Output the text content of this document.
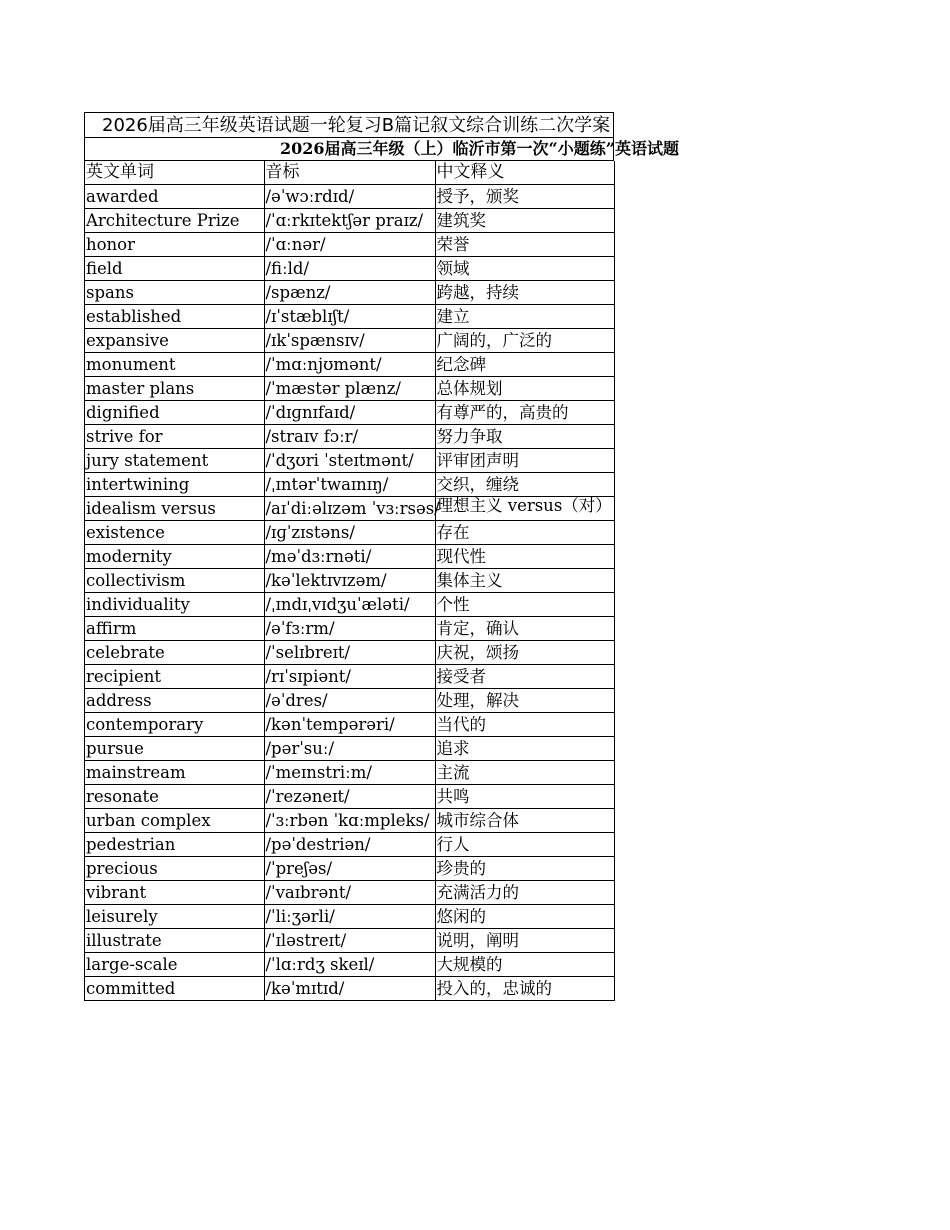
2026届高三年级英语试题一轮复习B篇记叙文综合训练二次学案
2026届高三年级（上）临沂市第一次“小题练”英语试题
英文单词	音标	中文释义
awarded	/əˈwɔːrdɪd/	授予，颁奖
Architecture Prize	/ˈɑːrkɪtektʃər praɪz/	建筑奖
honor	/ˈɑːnər/	荣誉
field	/fiːld/	领域
spans	/spænz/	跨越，持续
established	/ɪˈstæblɪʃt/	建立
expansive	/ɪkˈspænsɪv/	广阔的，广泛的
monument	/ˈmɑːnjʊmənt/	纪念碑
master plans	/ˈmæstər plænz/	总体规划
dignified	/ˈdɪɡnɪfaɪd/	有尊严的，高贵的
strive for	/straɪv fɔːr/	努力争取
jury statement	/ˈdʒʊri ˈsteɪtmənt/	评审团声明
intertwining	/ˌɪntərˈtwaɪnɪŋ/	交织，缠绕
idealism versus	/aɪˈdiːəlɪzəm ˈvɜːrsəs/	理想主义 versus（对）
existence	/ɪɡˈzɪstəns/	存在
modernity	/məˈdɜːrnəti/	现代性
collectivism	/kəˈlektɪvɪzəm/	集体主义
individuality	/ˌɪndɪˌvɪdʒuˈæləti/	个性
affirm	/əˈfɜːrm/	肯定，确认
celebrate	/ˈselɪbreɪt/	庆祝，颂扬
recipient	/rɪˈsɪpiənt/	接受者
address	/əˈdres/	处理，解决
contemporary	/kənˈtempərəri/	当代的
pursue	/pərˈsuː/	追求
mainstream	/ˈmeɪnstriːm/	主流
resonate	/ˈrezəneɪt/	共鸣
urban complex	/ˈɜːrbən ˈkɑːmpleks/	城市综合体
pedestrian	/pəˈdestriən/	行人
precious	/ˈpreʃəs/	珍贵的
vibrant	/ˈvaɪbrənt/	充满活力的
leisurely	/ˈliːʒərli/	悠闲的
illustrate	/ˈɪləstreɪt/	说明，阐明
large-scale	/ˈlɑːrdʒ skeɪl/	大规模的
committed	/kəˈmɪtɪd/	投入的，忠诚的
